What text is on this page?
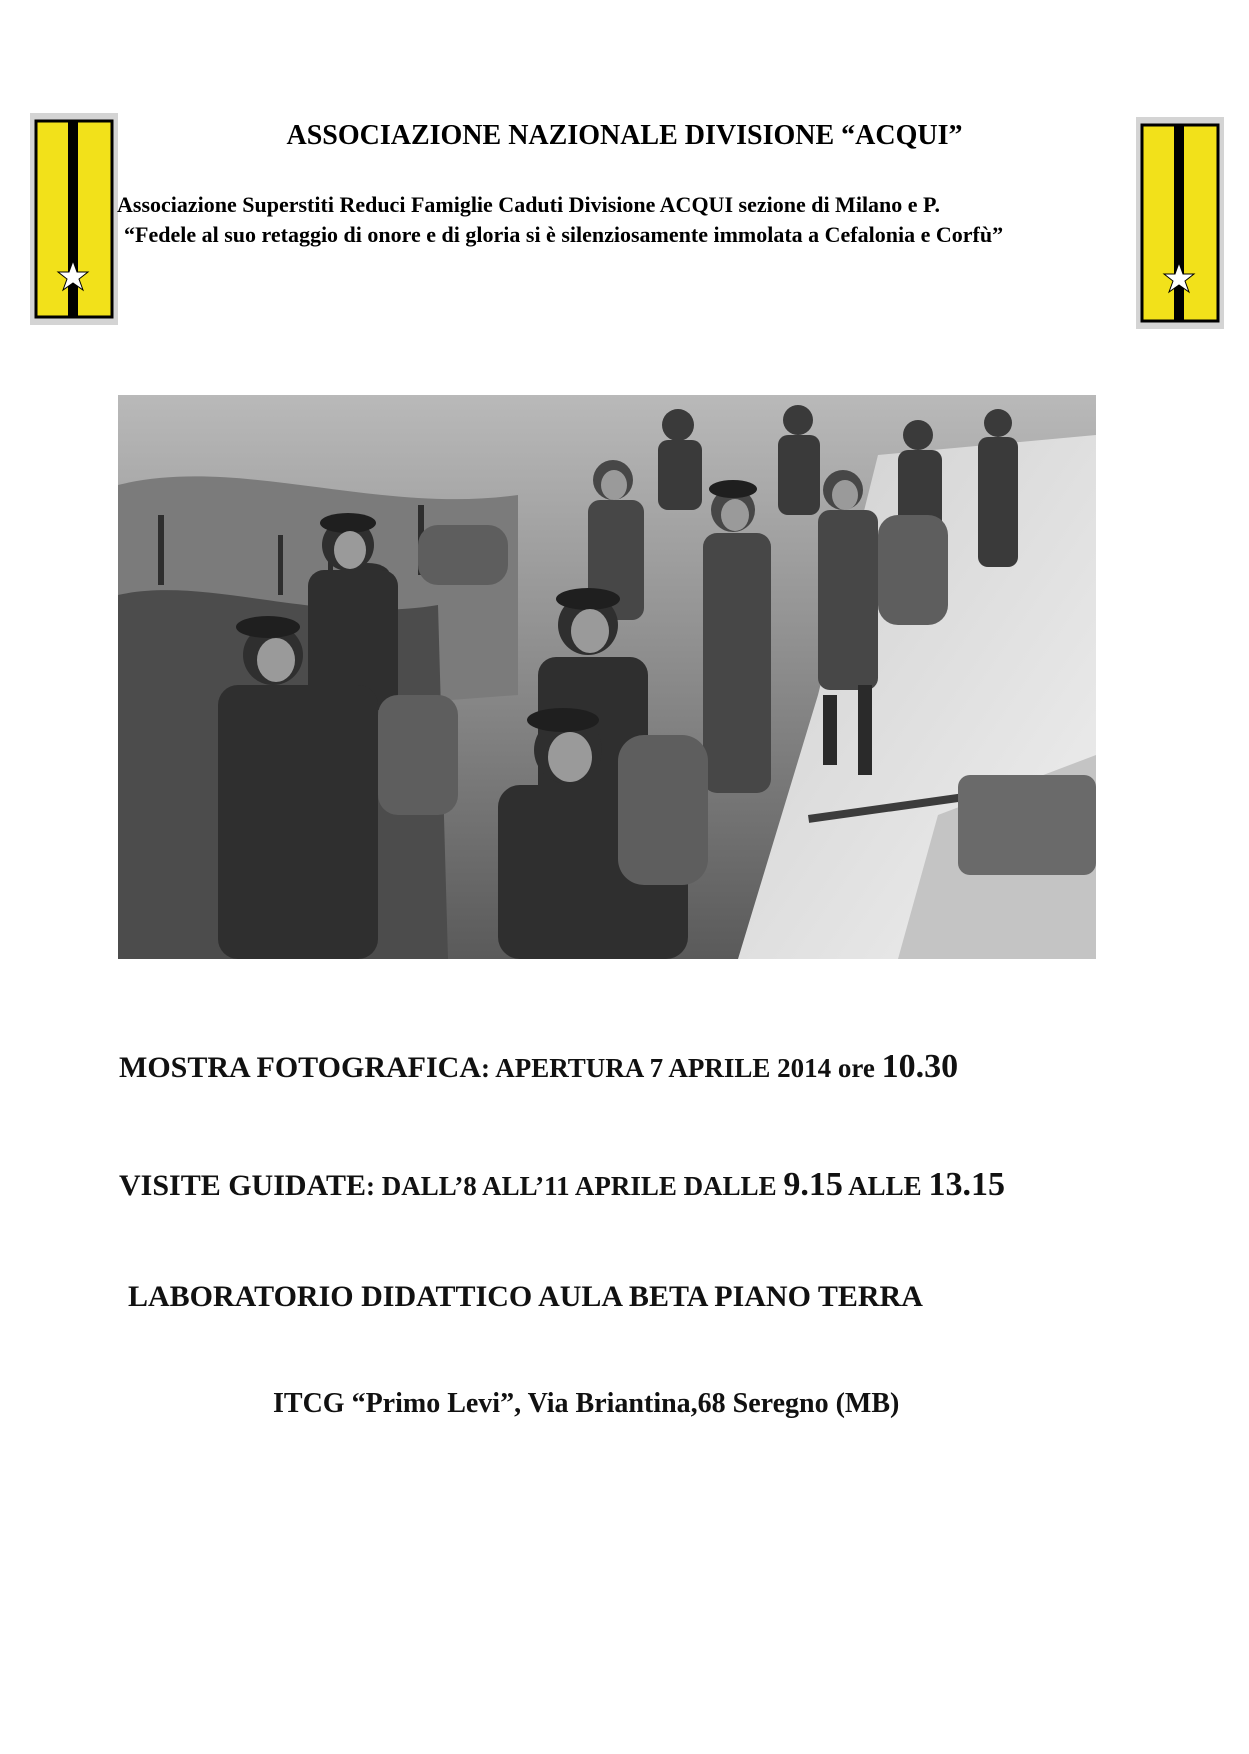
ASSOCIAZIONE NAZIONALE DIVISIONE “ACQUI”
Associazione Superstiti Reduci Famiglie Caduti Divisione ACQUI sezione di Milano e P.
“Fedele al suo retaggio di onore e di gloria si è silenziosamente immolata a Cefalonia e Corfù”
MOSTRA FOTOGRAFICA: APERTURA 7 APRILE 2014 ore 10.30
VISITE GUIDATE: DALL’8 ALL’11 APRILE DALLE 9.15 ALLE 13.15
LABORATORIO DIDATTICO AULA BETA PIANO TERRA
ITCG “Primo Levi”, Via Briantina,68 Seregno (MB)
